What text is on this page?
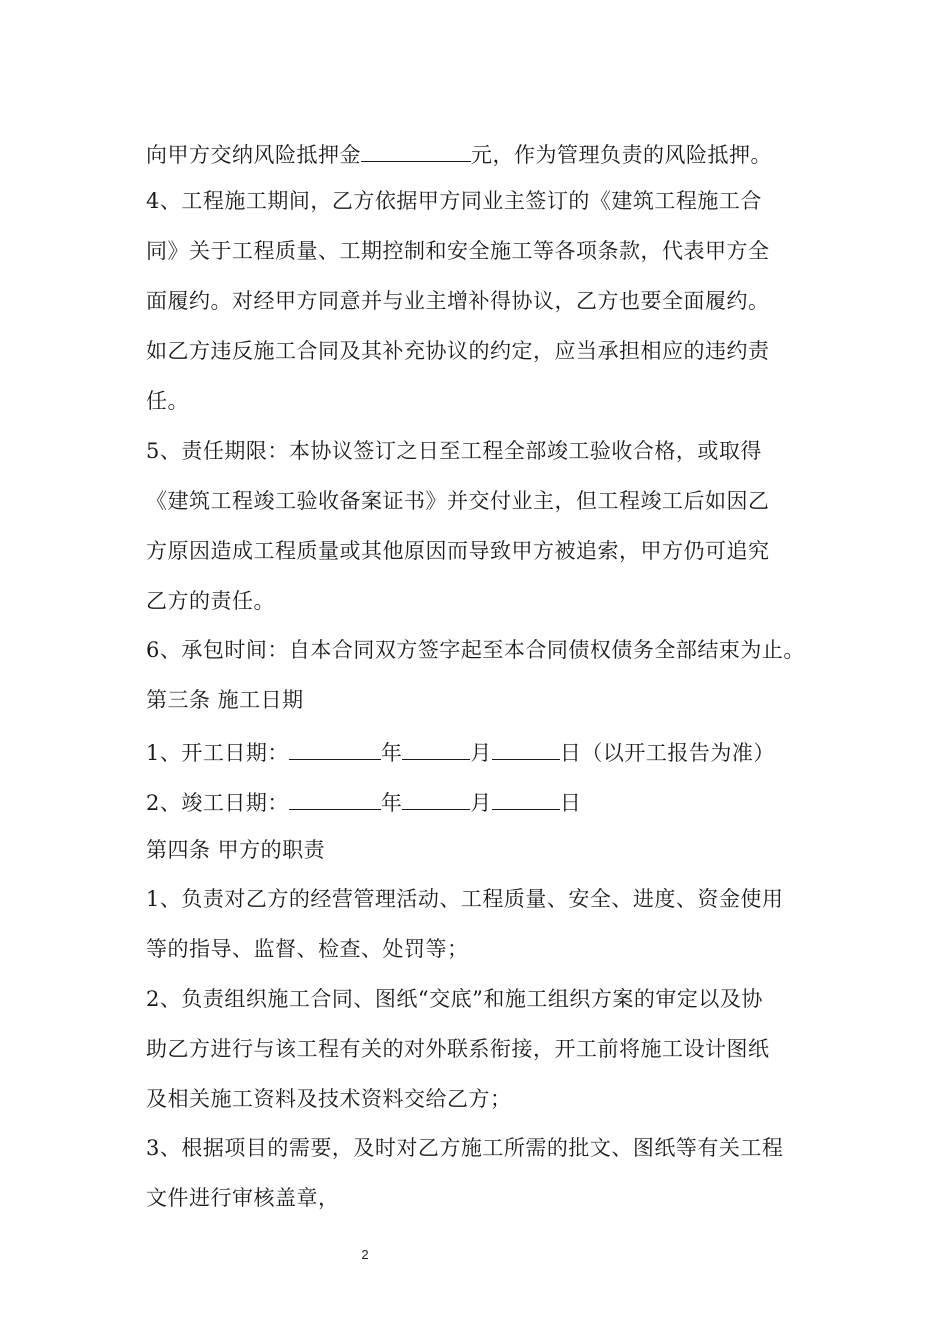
向甲方交纳风险抵押金	元，作为管理负责的风险抵押。
4、工程施工期间，乙方依据甲方同业主签订的《建筑工程施工合
同》关于工程质量、工期控制和安全施工等各项条款，代表甲方全
面履约。对经甲方同意并与业主增补得协议，乙方也要全面履约。
如乙方违反施工合同及其补充协议的约定，应当承担相应的违约责
任。
5、责任期限：本协议签订之日至工程全部竣工验收合格，或取得
《建筑工程竣工验收备案证书》并交付业主，但工程竣工后如因乙
方原因造成工程质量或其他原因而导致甲方被追索，甲方仍可追究
乙方的责任。
6、承包时间：自本合同双方签字起至本合同债权债务全部结束为止。
第三条 施工日期
1、开工日期：	年	月	日（以开工报告为准）
2、竣工日期：	年	月	日
第四条 甲方的职责
1、负责对乙方的经营管理活动、工程质量、安全、进度、资金使用
等的指导、监督、检查、处罚等；
2、负责组织施工合同、图纸“交底”和施工组织方案的审定以及协
助乙方进行与该工程有关的对外联系衔接，开工前将施工设计图纸
及相关施工资料及技术资料交给乙方；
3、根据项目的需要，及时对乙方施工所需的批文、图纸等有关工程
文件进行审核盖章，
2
